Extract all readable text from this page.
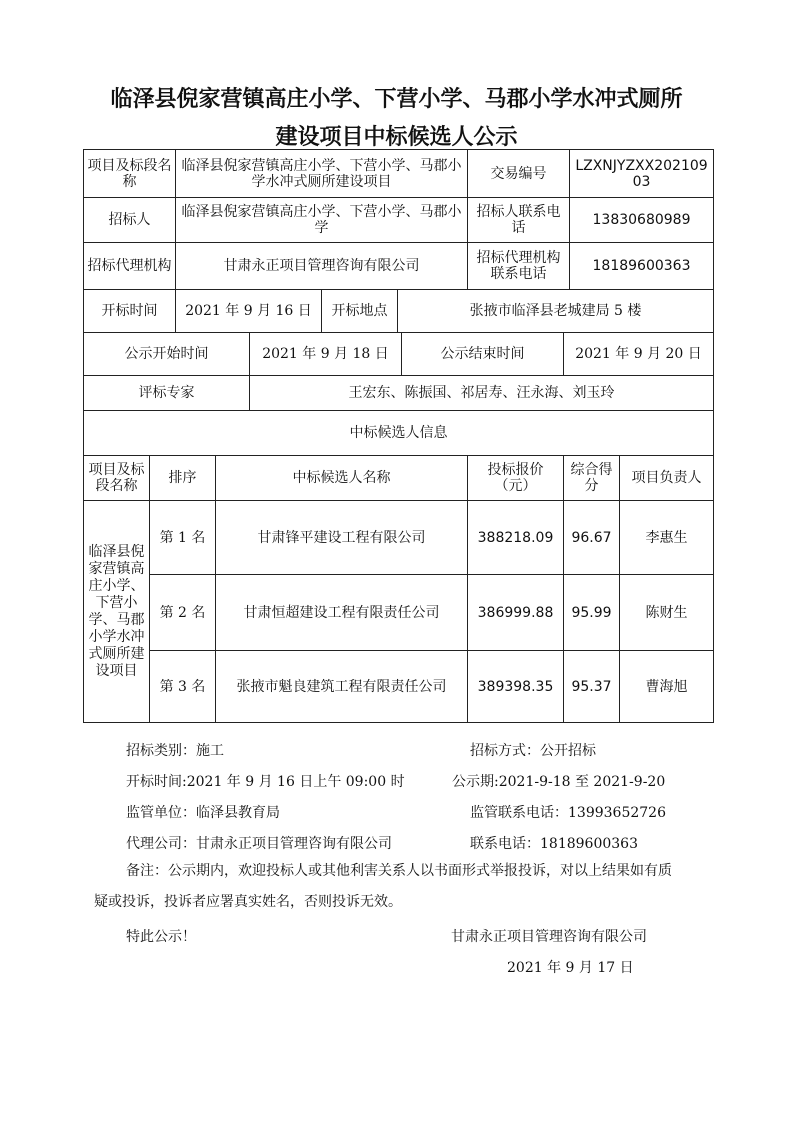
临泽县倪家营镇高庄小学、下营小学、马郡小学水冲式厕所
建设项目中标候选人公示
项目及标段名称	临泽县倪家营镇高庄小学、下营小学、马郡小学水冲式厕所建设项目	交易编号	LZXNJYZXX20210903
招标人	临泽县倪家营镇高庄小学、下营小学、马郡小学	招标人联系电话	13830680989
招标代理机构	甘肃永正项目管理咨询有限公司	招标代理机构联系电话	18189600363
开标时间	2021 年 9 月 16 日	开标地点	张掖市临泽县老城建局 5 楼
公示开始时间	2021 年 9 月 18 日	公示结束时间	2021 年 9 月 20 日
评标专家	王宏东、陈振国、祁居寿、汪永海、刘玉玲		
中标候选人信息
项目及标段名称	排序	中标候选人名称	投标报价（元）	综合得分	项目负责人
临泽县倪家营镇高庄小学、下营小学、马郡小学水冲式厕所建设项目	第 1 名	甘肃锋平建设工程有限公司	388218.09	96.67	李惠生
	第 2 名	甘肃恒超建设工程有限责任公司	386999.88	95.99	陈财生
	第 3 名	张掖市魁良建筑工程有限责任公司	389398.35	95.37	曹海旭
招标类别：施工	招标方式：公开招标
开标时间:2021 年 9 月 16 日上午 09:00 时	公示期:2021-9-18 至 2021-9-20
监管单位：临泽县教育局	监管联系电话：13993652726
代理公司：甘肃永正项目管理咨询有限公司	联系电话：18189600363
备注：公示期内，欢迎投标人或其他利害关系人以书面形式举报投诉，对以上结果如有质疑或投诉，投诉者应署真实姓名，否则投诉无效。
特此公示！	甘肃永正项目管理咨询有限公司
2021 年 9 月 17 日
